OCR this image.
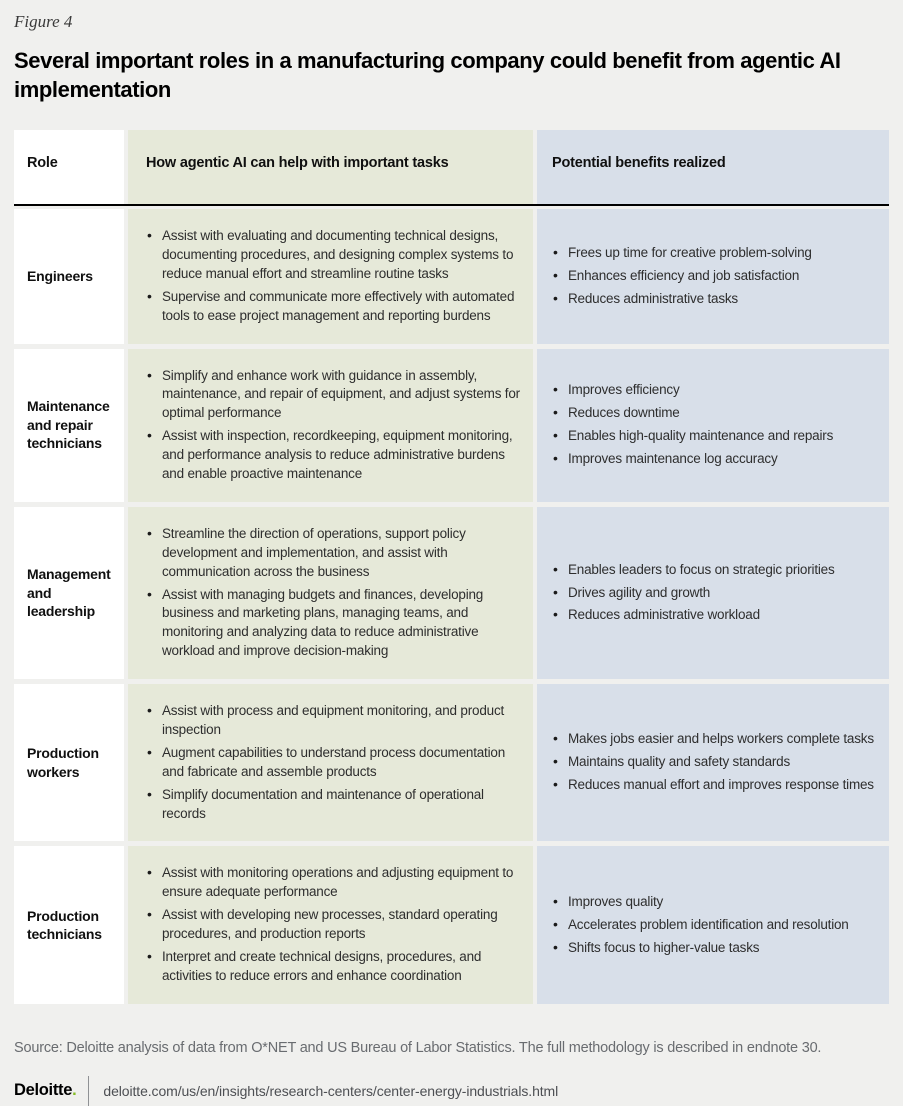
Figure 4
Several important roles in a manufacturing company could benefit from agentic AI implementation
Role	How agentic AI can help with important tasks	Potential benefits realized
Engineers
• Assist with evaluating and documenting technical designs, documenting procedures, and designing complex systems to reduce manual effort and streamline routine tasks
• Supervise and communicate more effectively with automated tools to ease project management and reporting burdens
• Frees up time for creative problem-solving
• Enhances efficiency and job satisfaction
• Reduces administrative tasks
Maintenance and repair technicians
• Simplify and enhance work with guidance in assembly, maintenance, and repair of equipment, and adjust systems for optimal performance
• Assist with inspection, recordkeeping, equipment monitoring, and performance analysis to reduce administrative burdens and enable proactive maintenance
• Improves efficiency
• Reduces downtime
• Enables high-quality maintenance and repairs
• Improves maintenance log accuracy
Management and leadership
• Streamline the direction of operations, support policy development and implementation, and assist with communication across the business
• Assist with managing budgets and finances, developing business and marketing plans, managing teams, and monitoring and analyzing data to reduce administrative workload and improve decision-making
• Enables leaders to focus on strategic priorities
• Drives agility and growth
• Reduces administrative workload
Production workers
• Assist with process and equipment monitoring, and product inspection
• Augment capabilities to understand process documentation and fabricate and assemble products
• Simplify documentation and maintenance of operational records
• Makes jobs easier and helps workers complete tasks
• Maintains quality and safety standards
• Reduces manual effort and improves response times
Production technicians
• Assist with monitoring operations and adjusting equipment to ensure adequate performance
• Assist with developing new processes, standard operating procedures, and production reports
• Interpret and create technical designs, procedures, and activities to reduce errors and enhance coordination
• Improves quality
• Accelerates problem identification and resolution
• Shifts focus to higher-value tasks
Source: Deloitte analysis of data from O*NET and US Bureau of Labor Statistics. The full methodology is described in endnote 30.
Deloitte. deloitte.com/us/en/insights/research-centers/center-energy-industrials.html
